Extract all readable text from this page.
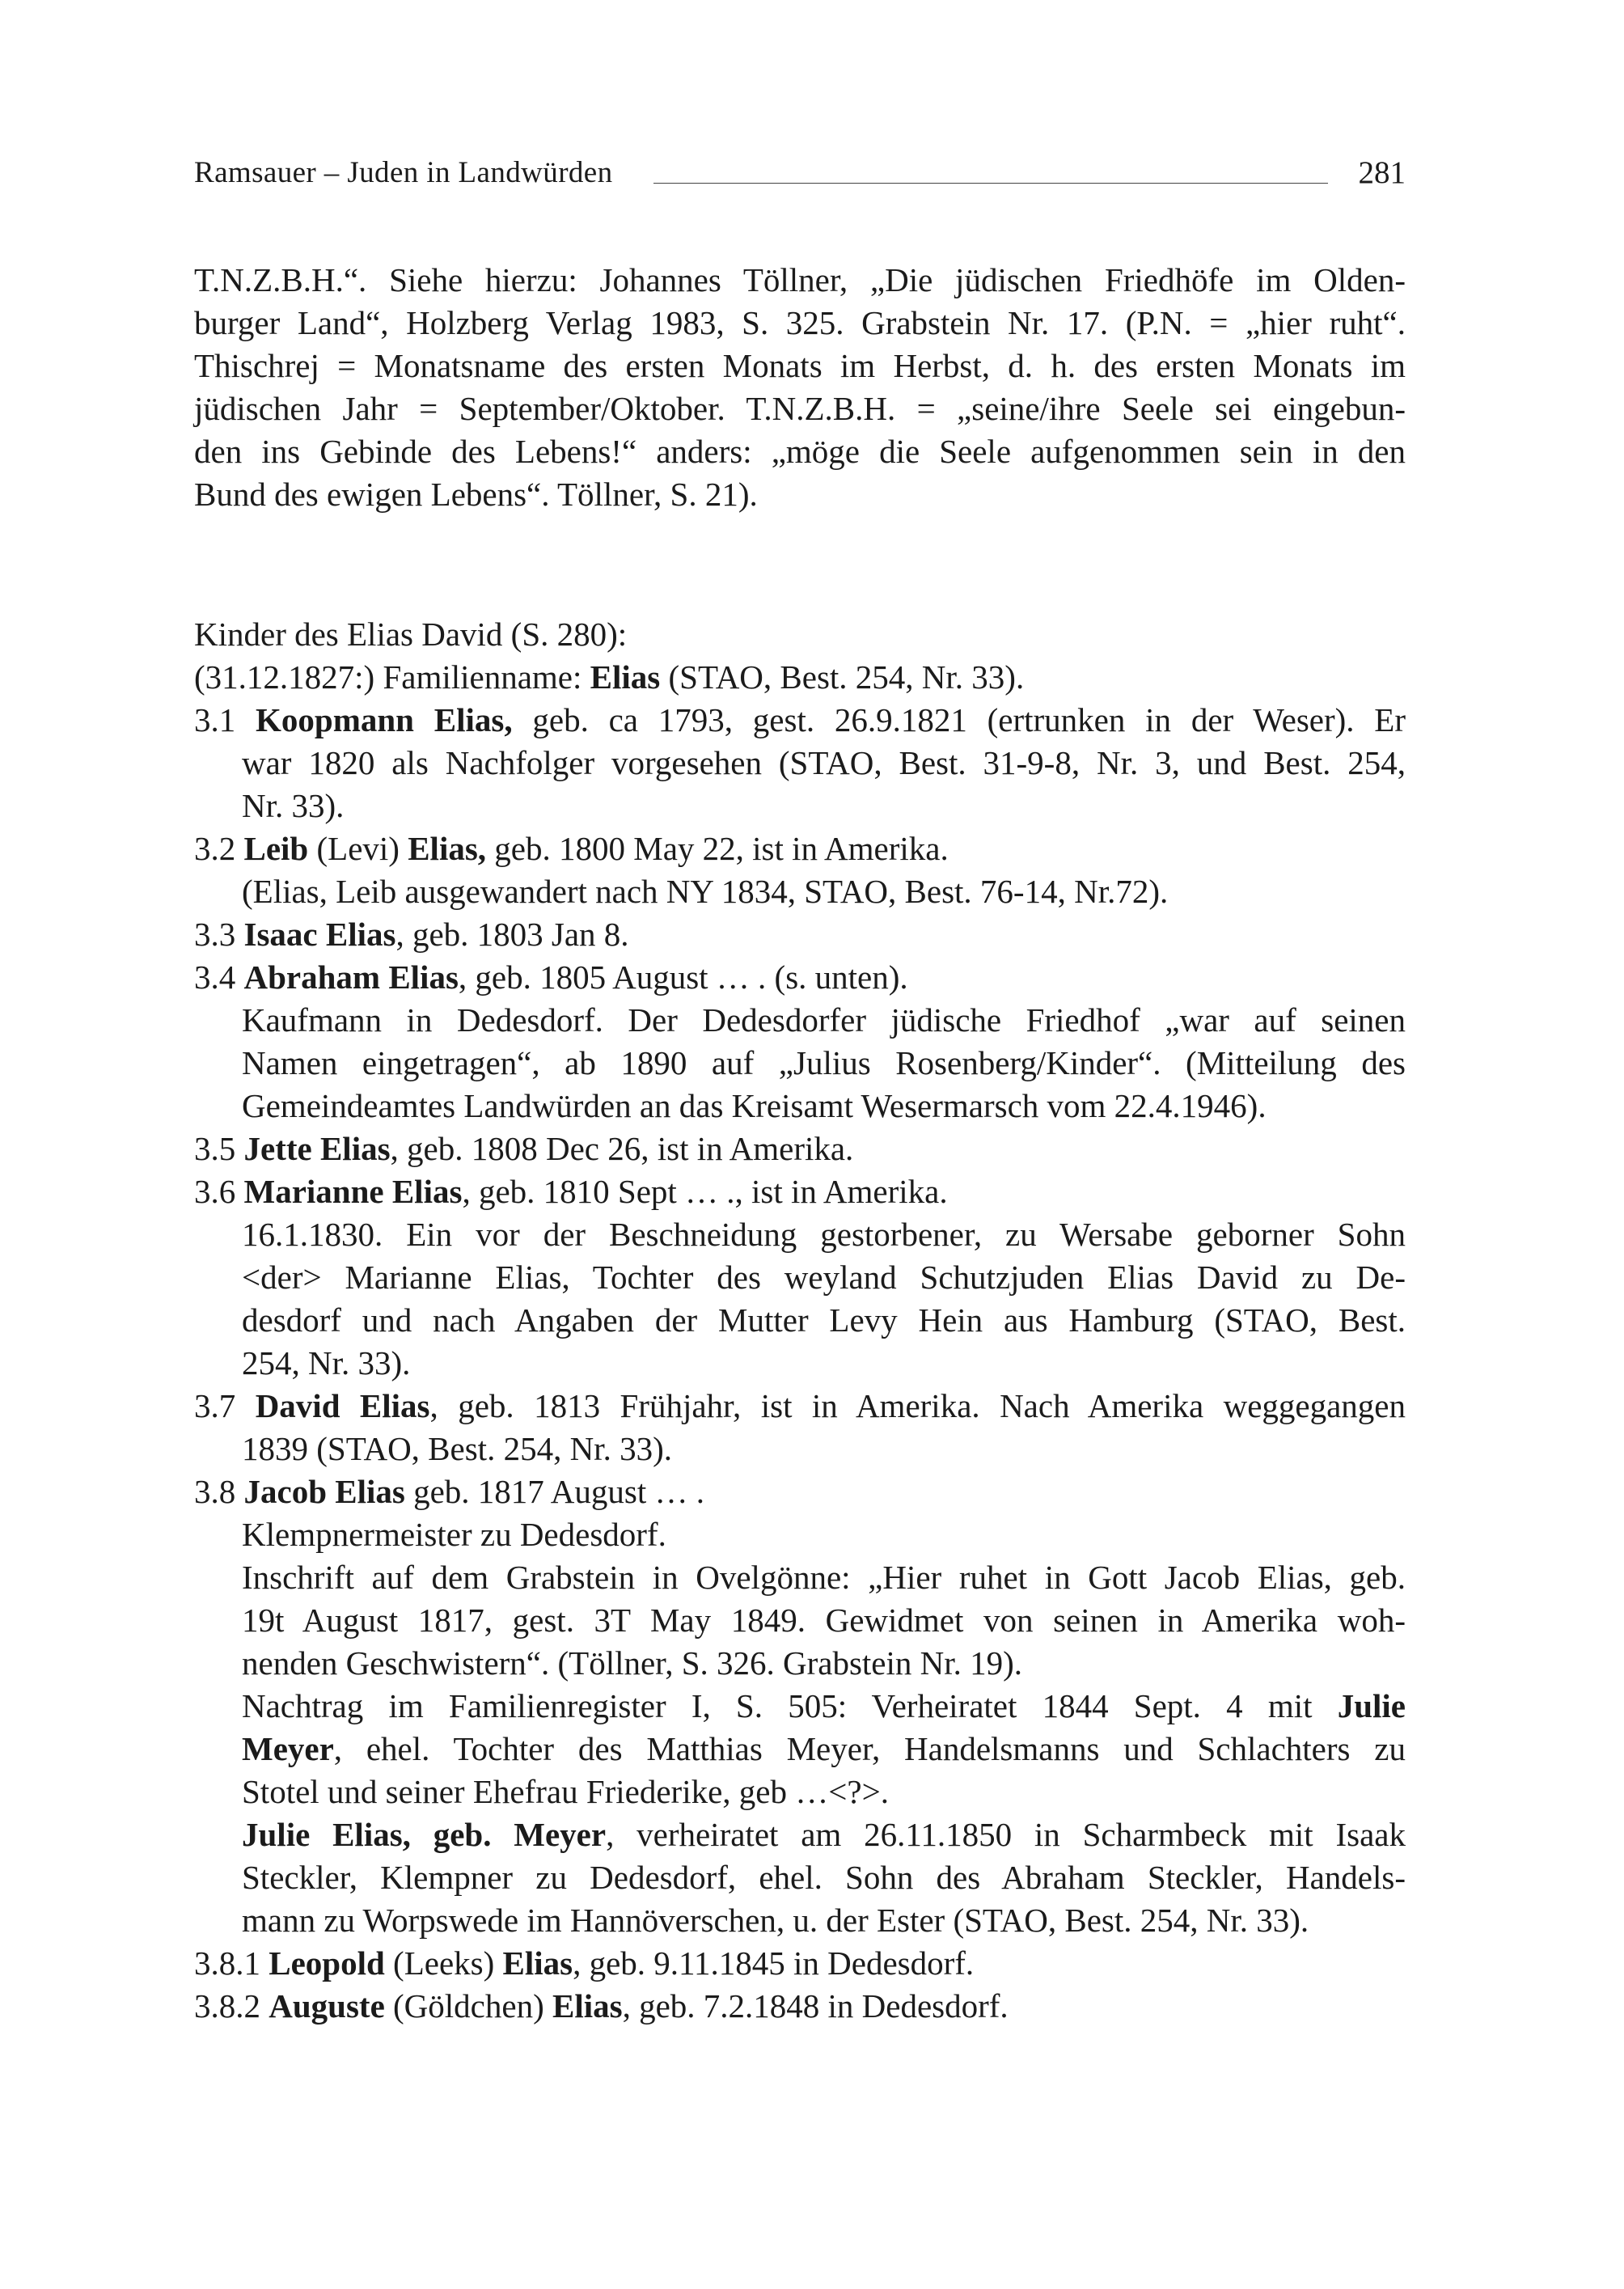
Ramsauer – Juden in Landwürden	281
T.N.Z.B.H.“. Siehe hierzu: Johannes Töllner, „Die jüdischen Friedhöfe im Olden-
burger Land“, Holzberg Verlag 1983, S. 325. Grabstein Nr. 17. (P.N. = „hier ruht“.
Thischrej = Monatsname des ersten Monats im Herbst, d. h. des ersten Monats im
jüdischen Jahr = September/Oktober. T.N.Z.B.H. = „seine/ihre Seele sei eingebun-
den ins Gebinde des Lebens!“ anders: „möge die Seele aufgenommen sein in den
Bund des ewigen Lebens“. Töllner, S. 21).
Kinder des Elias David (S. 280):
(31.12.1827:) Familienname: Elias (STAO, Best. 254, Nr. 33).
3.1 Koopmann Elias, geb. ca 1793, gest. 26.9.1821 (ertrunken in der Weser). Er
war 1820 als Nachfolger vorgesehen (STAO, Best. 31-9-8, Nr. 3, und Best. 254,
Nr. 33).
3.2 Leib (Levi) Elias, geb. 1800 May 22, ist in Amerika.
(Elias, Leib ausgewandert nach NY 1834, STAO, Best. 76-14, Nr.72).
3.3 Isaac Elias, geb. 1803 Jan 8.
3.4 Abraham Elias, geb. 1805 August … . (s. unten).
Kaufmann in Dedesdorf. Der Dedesdorfer jüdische Friedhof „war auf seinen
Namen eingetragen“, ab 1890 auf „Julius Rosenberg/Kinder“. (Mitteilung des
Gemeindeamtes Landwürden an das Kreisamt Wesermarsch vom 22.4.1946).
3.5 Jette Elias, geb. 1808 Dec 26, ist in Amerika.
3.6 Marianne Elias, geb. 1810 Sept … ., ist in Amerika.
16.1.1830. Ein vor der Beschneidung gestorbener, zu Wersabe geborner Sohn
<der> Marianne Elias, Tochter des weyland Schutzjuden Elias David zu De-
desdorf und nach Angaben der Mutter Levy Hein aus Hamburg (STAO, Best.
254, Nr. 33).
3.7 David Elias, geb. 1813 Frühjahr, ist in Amerika. Nach Amerika weggegangen
1839 (STAO, Best. 254, Nr. 33).
3.8 Jacob Elias geb. 1817 August … .
Klempnermeister zu Dedesdorf.
Inschrift auf dem Grabstein in Ovelgönne: „Hier ruhet in Gott Jacob Elias, geb.
19t August 1817, gest. 3T May 1849. Gewidmet von seinen in Amerika woh-
nenden Geschwistern“. (Töllner, S. 326. Grabstein Nr. 19).
Nachtrag im Familienregister I, S. 505: Verheiratet 1844 Sept. 4 mit Julie
Meyer, ehel. Tochter des Matthias Meyer, Handelsmanns und Schlachters zu
Stotel und seiner Ehefrau Friederike, geb …<?>.
Julie Elias, geb. Meyer, verheiratet am 26.11.1850 in Scharmbeck mit Isaak
Steckler, Klempner zu Dedesdorf, ehel. Sohn des Abraham Steckler, Handels-
mann zu Worpswede im Hannöverschen, u. der Ester (STAO, Best. 254, Nr. 33).
3.8.1 Leopold (Leeks) Elias, geb. 9.11.1845 in Dedesdorf.
3.8.2 Auguste (Göldchen) Elias, geb. 7.2.1848 in Dedesdorf.
